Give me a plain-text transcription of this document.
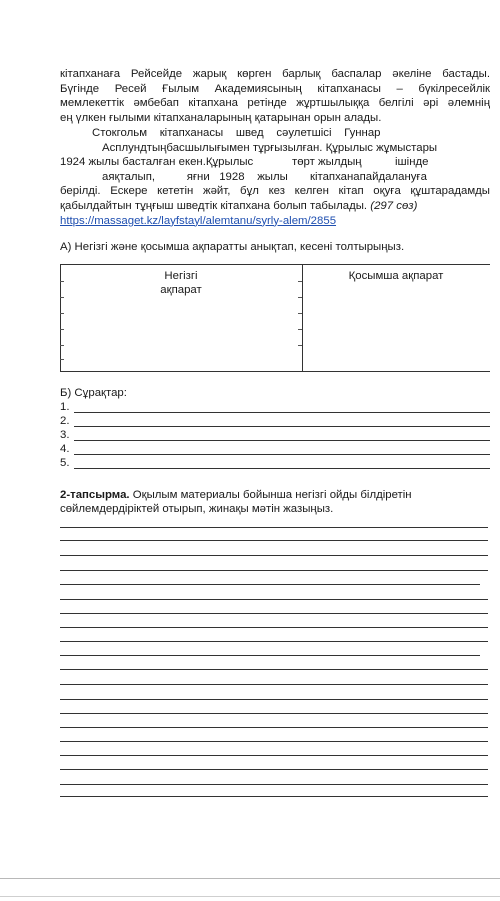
кітапханаға Рейсейде жарық көрген барлық баспалар әкеліне бастады.
Бүгінде Ресей Ғылым Академиясының кітапханасы – бүкілресейлік
мемлекеттік әмбебап кітапхана ретінде жұртшылыққа белгілі әрі әлемнің
ең үлкен ғылыми кітапханаларының қатарынан орын алады.
Стокгольм    кітапханасы    швед    сәулетшісі    Гуннар
Асплундтыңбасшылығымен тұрғызылған. Құрылыс жұмыстары
1924 жылы басталған екен.Құрылыс	төрт жылдың	ішінде
аяқталып,          яғни   1928    жылы       кітапханапайдалануға
берілді. Ескере кететін жәйт, бұл кез келген кітап оқуға құштарадамды
қабылдайтын тұңғыш шведтік кітапхана болып табылады. (297 сөз)
https://massaget.kz/layfstayl/alemtanu/syrly-alem/2855

А) Негізгі және қосымша ақпаратты анықтап, кесені толтырыңыз.

Негізгі
ақпарат
Қосымша ақпарат

Б) Сұрақтар:

1.
2.
3.
4.
5.

2-тапсырма. Оқылым материалы бойынша негізгі ойды білдіретін

сөйлемдердіріктей отырып, жинақы мәтін жазыңыз.
